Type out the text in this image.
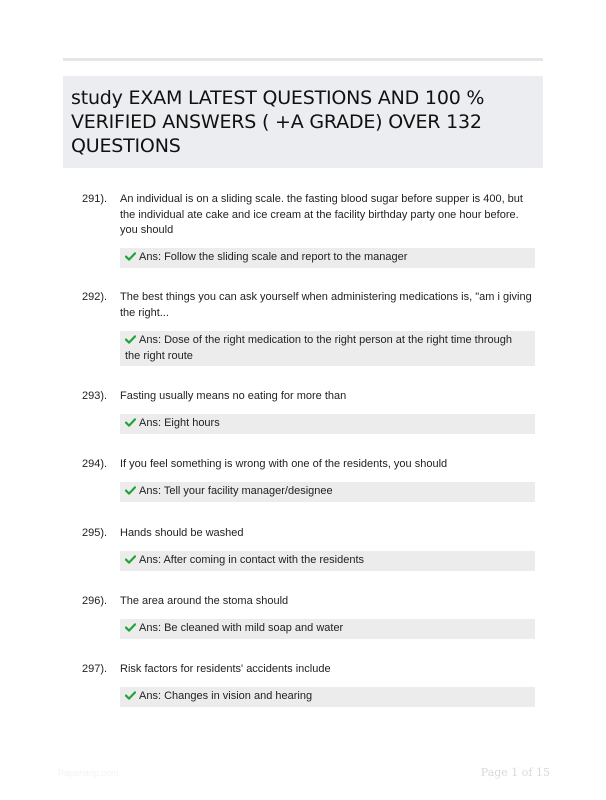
study EXAM LATEST QUESTIONS AND 100 % VERIFIED ANSWERS ( +A GRADE) OVER 132 QUESTIONS
291). An individual is on a sliding scale. the fasting blood sugar before supper is 400, but the individual ate cake and ice cream at the facility birthday party one hour before. you should

Ans: Follow the sliding scale and report to the manager
292). The best things you can ask yourself when administering medications is, "am i giving the right...

Ans: Dose of the right medication to the right person at the right time through the right route
293). Fasting usually means no eating for more than

Ans: Eight hours
294). If you feel something is wrong with one of the residents, you should

Ans: Tell your facility manager/designee
295). Hands should be washed

Ans: After coming in contact with the residents
296). The area around the stoma should

Ans: Be cleaned with mild soap and water
297). Risk factors for residents' accidents include

Ans: Changes in vision and hearing
Paperstrip.com	Page 1 of 15
